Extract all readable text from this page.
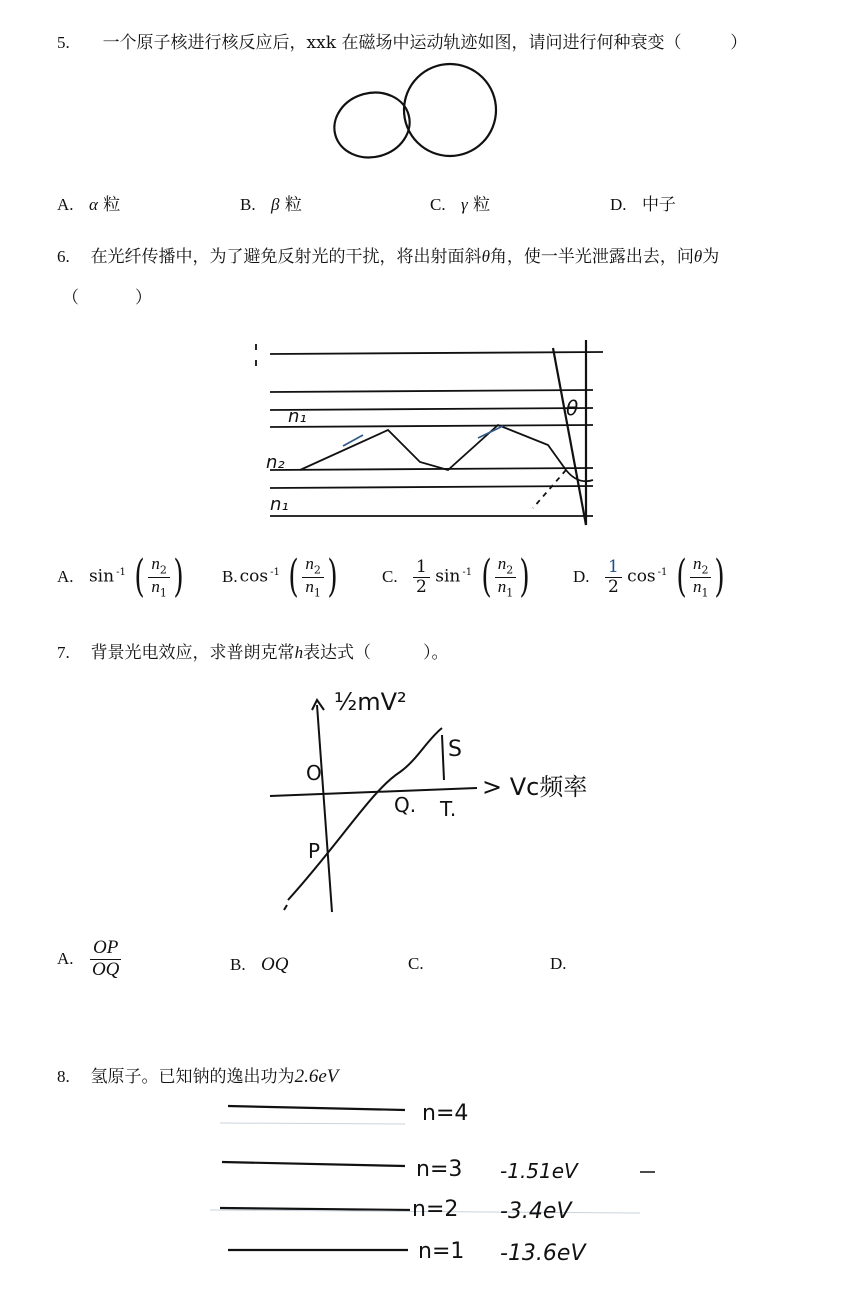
5. 一个原子核进行核反应后，xxk 在磁场中运动轨迹如图，请问进行何种衰变（	）
A. α 粒	B. β 粒	C. γ 粒	D. 中子
6. 在光纤传播中，为了避免反射光的干扰，将出射面斜θ角，使一半光泄露出去，问θ为
（	）
n₁
n₂
n₁
θ
A. sin $^{-1}$ ( $\frac{n_2}{n_1}$ ) B. cos $^{-1}$ ( $\frac{n_2}{n_1}$ )	C. $\frac{1}{2}$ sin $^{-1}$ ( $\frac{n_2}{n_1}$ )	D. $\frac{1}{2}$ cos $^{-1}$ ( $\frac{n_2}{n_1}$ )
7. 背景光电效应，求普朗克常h表达式（	）。
½mV²
> Vc频率
O
P
Q. T.
S
A. $\frac{OP}{OQ}$	B. OQ	C.	D.
8. 氢原子。已知钠的逸出功为2.6eV
n=4
n=3 -1.51eV
n=2 -3.4eV
n=1 -13.6eV
